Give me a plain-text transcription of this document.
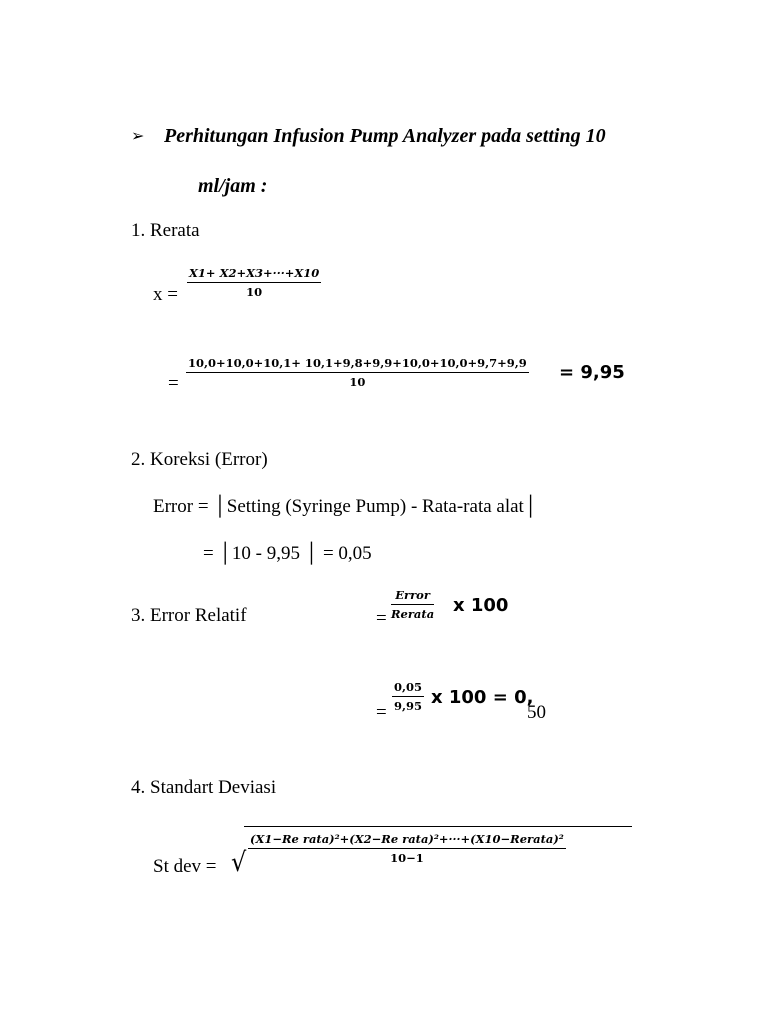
➢ Perhitungan Infusion Pump Analyzer pada setting 10
ml/jam :
1. Rerata
x =
X1+ X2+X3+···+X10
10
=
10,0+10,0+10,1+ 10,1+9,8+9,9+10,0+10,0+9,7+9,9
10	= 9,95
2. Koreksi (Error)
Error = │Setting (Syringe Pump) - Rata-rata alat│
= │10 - 9,95 │ = 0,05
3. Error Relatif	=
Error
Rerata x 100
=
0,05
9,95 x 100 = 0,
50
4. Standart Deviasi
St dev = √
(X1−Re rata)²+(X2−Re rata)²+···+(X10−Rerata)²
10−1
